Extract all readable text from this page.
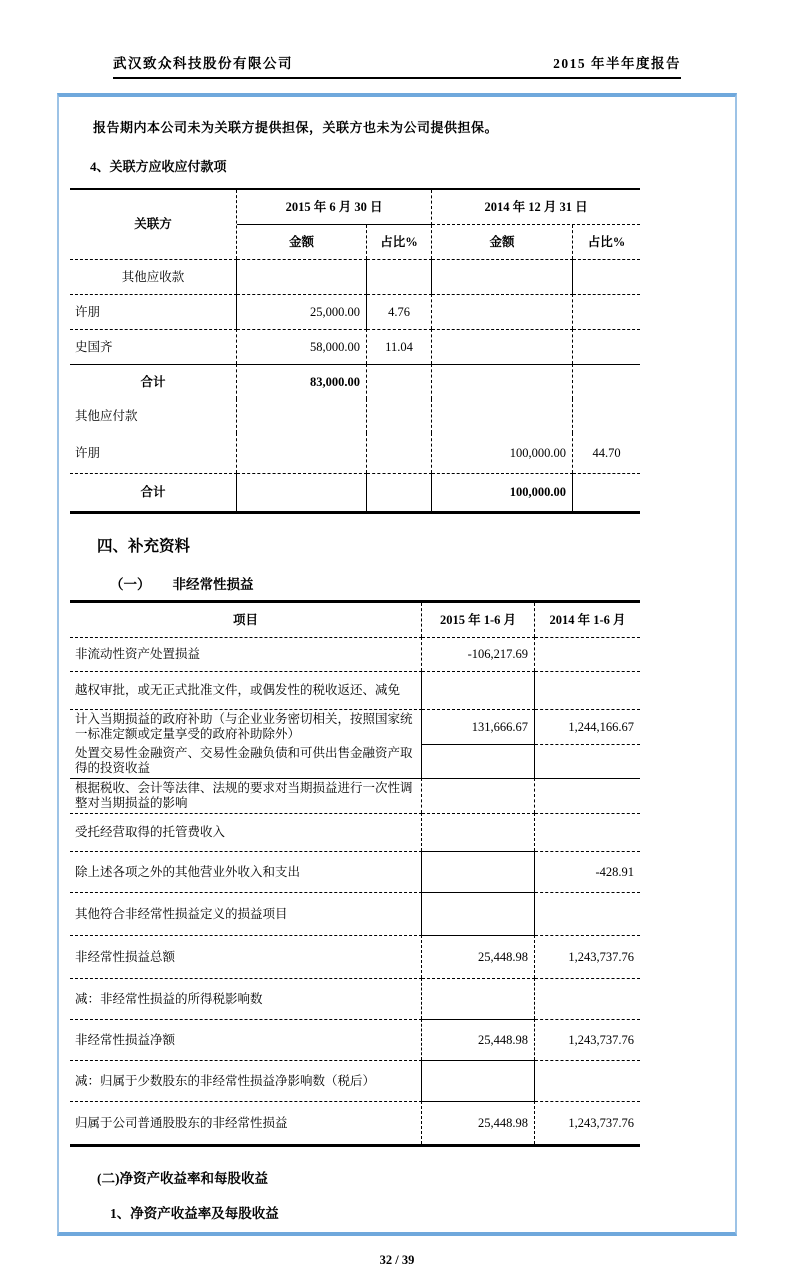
武汉致众科技股份有限公司	2015 年半年度报告
报告期内本公司未为关联方提供担保，关联方也未为公司提供担保。
4、关联方应收应付款项
关联方	2015 年 6 月 30 日		2014 年 12 月 31 日	
	金额	占比%	金额	占比%
其他应收款				
许朋	25,000.00	4.76		
史国齐	58,000.00	11.04		
合计	83,000.00			
其他应付款				
许朋			100,000.00	44.70
合计			100,000.00	
四、补充资料
（一） 非经常性损益
项目	2015 年 1-6 月	2014 年 1-6 月
非流动性资产处置损益	-106,217.69	
越权审批，或无正式批准文件，或偶发性的税收返还、减免		
计入当期损益的政府补助（与企业业务密切相关，按照国家统一标准定额或定量享受的政府补助除外）	131,666.67	1,244,166.67
处置交易性金融资产、交易性金融负债和可供出售金融资产取得的投资收益		
根据税收、会计等法律、法规的要求对当期损益进行一次性调整对当期损益的影响		
受托经营取得的托管费收入		
除上述各项之外的其他营业外收入和支出		-428.91
其他符合非经常性损益定义的损益项目		
非经常性损益总额	25,448.98	1,243,737.76
减：非经常性损益的所得税影响数		
非经常性损益净额	25,448.98	1,243,737.76
减：归属于少数股东的非经常性损益净影响数（税后）		
归属于公司普通股股东的非经常性损益	25,448.98	1,243,737.76
(二)净资产收益率和每股收益
1、净资产收益率及每股收益
32 / 39
